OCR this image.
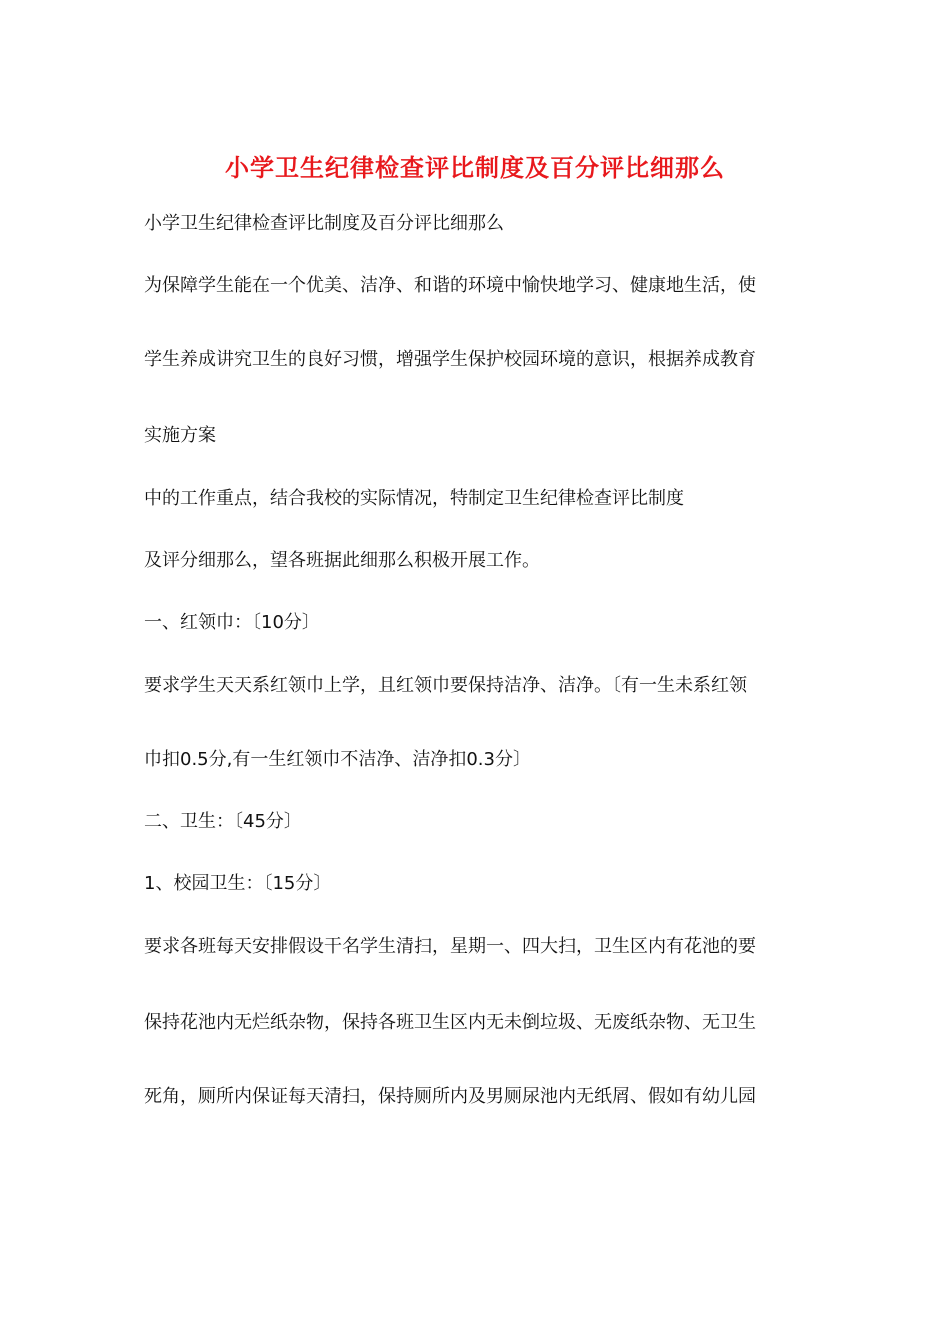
小学卫生纪律检查评比制度及百分评比细那么
小学卫生纪律检查评比制度及百分评比细那么
为保障学生能在一个优美、洁净、和谐的环境中愉快地学习、健康地生活，使
学生养成讲究卫生的良好习惯，增强学生保护校园环境的意识，根据养成教育
实施方案
中的工作重点，结合我校的实际情况，特制定卫生纪律检查评比制度
及评分细那么，望各班据此细那么积极开展工作。
一、红领巾：〔10分〕
要求学生天天系红领巾上学，且红领巾要保持洁净、洁净。〔有一生未系红领
巾扣0.5分,有一生红领巾不洁净、洁净扣0.3分〕
二、卫生：〔45分〕
1、校园卫生：〔15分〕
要求各班每天安排假设干名学生清扫，星期一、四大扫，卫生区内有花池的要
保持花池内无烂纸杂物，保持各班卫生区内无未倒垃圾、无废纸杂物、无卫生
死角，厕所内保证每天清扫，保持厕所内及男厕尿池内无纸屑、假如有幼儿园
